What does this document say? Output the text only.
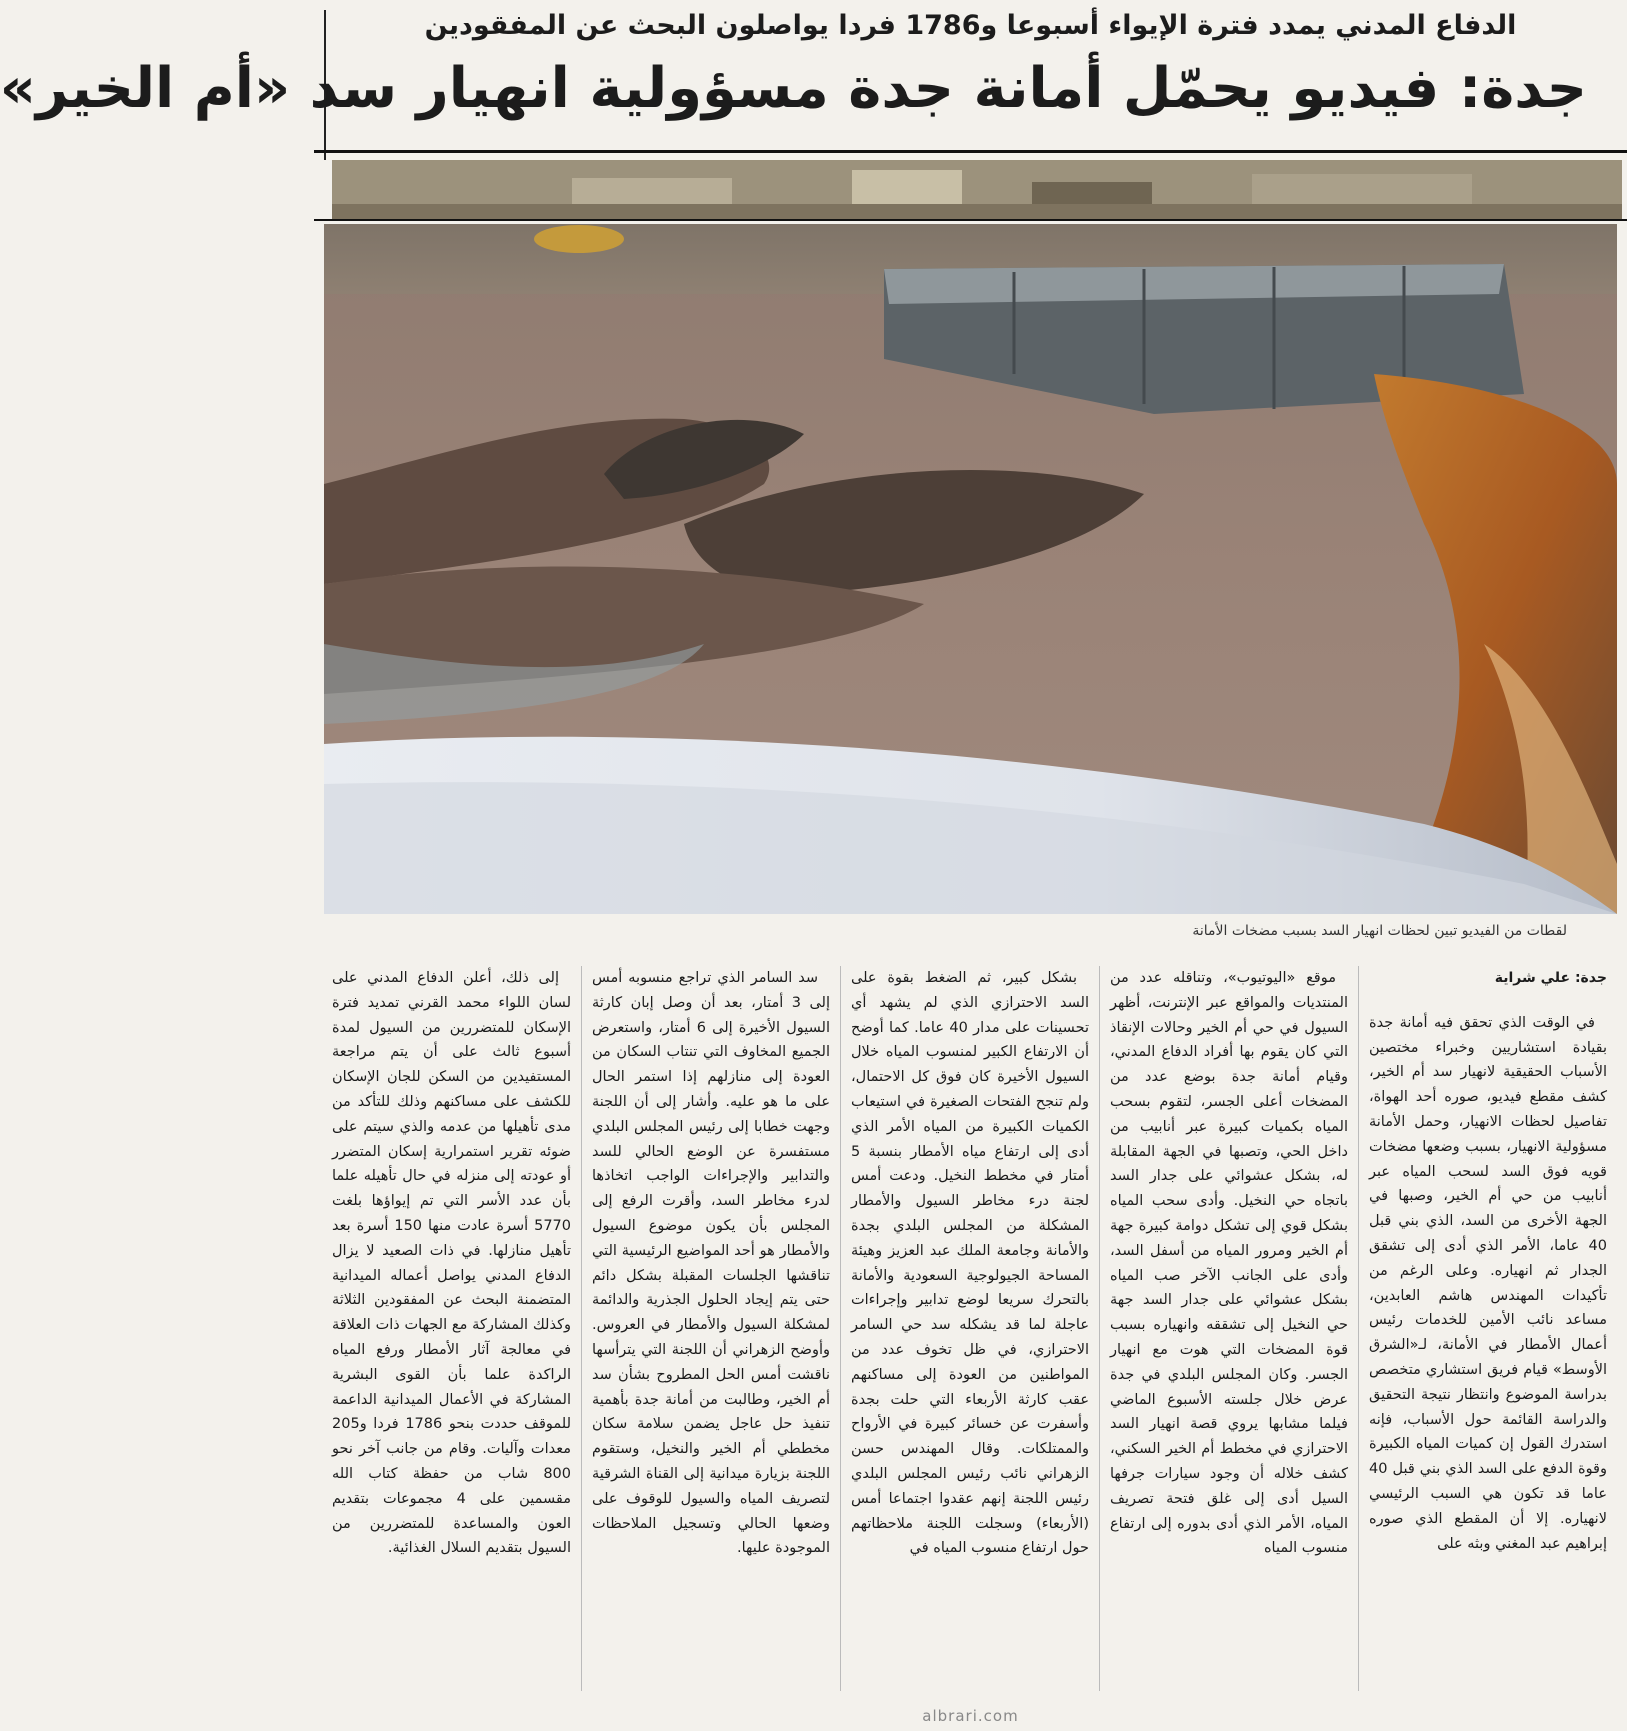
الدفاع المدني يمدد فترة الإيواء أسبوعا و1786 فردا يواصلون البحث عن المفقودين
جدة: فيديو يحمّل أمانة جدة مسؤولية انهيار سد «أم الخير»
لقطات من الفيديو تبين لحظات انهيار السد بسبب مضخات الأمانة
جدة: علي شراية

في الوقت الذي تحقق فيه أمانة جدة بقيادة استشاريين وخبراء مختصين الأسباب الحقيقية لانهيار سد أم الخير، كشف مقطع فيديو، صوره أحد الهواة، تفاصيل لحظات الانهيار، وحمل الأمانة مسؤولية الانهيار، بسبب وضعها مضخات قويه فوق السد لسحب المياه عبر أنابيب من حي أم الخير، وصبها في الجهة الأخرى من السد، الذي بني قبل 40 عاما، الأمر الذي أدى إلى تشقق الجدار ثم انهياره. وعلى الرغم من تأكيدات المهندس هاشم العابدين، مساعد نائب الأمين للخدمات رئيس أعمال الأمطار في الأمانة، لـ«الشرق الأوسط» قيام فريق استشاري متخصص بدراسة الموضوع وانتظار نتيجة التحقيق والدراسة القائمة حول الأسباب، فإنه استدرك القول إن كميات المياه الكبيرة وقوة الدفع على السد الذي بني قبل 40 عاما قد تكون هي السبب الرئيسي لانهياره. إلا أن المقطع الذي صوره إبراهيم عبد المغني وبثه على

موقع «اليوتيوب»، وتناقله عدد من المنتديات والمواقع عبر الإنترنت، أظهر السيول في حي أم الخير وحالات الإنقاذ التي كان يقوم بها أفراد الدفاع المدني، وقيام أمانة جدة بوضع عدد من المضخات أعلى الجسر، لتقوم بسحب المياه بكميات كبيرة عبر أنابيب من داخل الحي، وتصبها في الجهة المقابلة له، بشكل عشوائي على جدار السد باتجاه حي النخيل. وأدى سحب المياه بشكل قوي إلى تشكل دوامة كبيرة جهة أم الخير ومرور المياه من أسفل السد، وأدى على الجانب الآخر صب المياه بشكل عشوائي على جدار السد جهة حي النخيل إلى تشققه وانهياره بسبب قوة المضخات التي هوت مع انهيار الجسر. وكان المجلس البلدي في جدة عرض خلال جلسته الأسبوع الماضي فيلما مشابها يروي قصة انهيار السد الاحترازي في مخطط أم الخير السكني، كشف خلاله أن وجود سيارات جرفها السيل أدى إلى غلق فتحة تصريف المياه، الأمر الذي أدى بدوره إلى ارتفاع منسوب المياه

بشكل كبير، ثم الضغط بقوة على السد الاحترازي الذي لم يشهد أي تحسينات على مدار 40 عاما. كما أوضح أن الارتفاع الكبير لمنسوب المياه خلال السيول الأخيرة كان فوق كل الاحتمال، ولم تنجح الفتحات الصغيرة في استيعاب الكميات الكبيرة من المياه الأمر الذي أدى إلى ارتفاع مياه الأمطار بنسبة 5 أمتار في مخطط النخيل. ودعت أمس لجنة درء مخاطر السيول والأمطار المشكلة من المجلس البلدي بجدة والأمانة وجامعة الملك عبد العزيز وهيئة المساحة الجيولوجية السعودية والأمانة بالتحرك سريعا لوضع تدابير وإجراءات عاجلة لما قد يشكله سد حي السامر الاحترازي، في ظل تخوف عدد من المواطنين من العودة إلى مساكنهم عقب كارثة الأربعاء التي حلت بجدة وأسفرت عن خسائر كبيرة في الأرواح والممتلكات. وقال المهندس حسن الزهراني نائب رئيس المجلس البلدي رئيس اللجنة إنهم عقدوا اجتماعا أمس (الأربعاء) وسجلت اللجنة ملاحظاتهم حول ارتفاع منسوب المياه في

سد السامر الذي تراجع منسوبه أمس إلى 3 أمتار، بعد أن وصل إبان كارثة السيول الأخيرة إلى 6 أمتار، واستعرض الجميع المخاوف التي تنتاب السكان من العودة إلى منازلهم إذا استمر الحال على ما هو عليه. وأشار إلى أن اللجنة وجهت خطابا إلى رئيس المجلس البلدي مستفسرة عن الوضع الحالي للسد والتدابير والإجراءات الواجب اتخاذها لدرء مخاطر السد، وأقرت الرفع إلى المجلس بأن يكون موضوع السيول والأمطار هو أحد المواضيع الرئيسية التي تناقشها الجلسات المقبلة بشكل دائم حتى يتم إيجاد الحلول الجذرية والدائمة لمشكلة السيول والأمطار في العروس. وأوضح الزهراني أن اللجنة التي يترأسها ناقشت أمس الحل المطروح بشأن سد أم الخير، وطالبت من أمانة جدة بأهمية تنفيذ حل عاجل يضمن سلامة سكان مخططي أم الخير والنخيل، وستقوم اللجنة بزيارة ميدانية إلى القناة الشرقية لتصريف المياه والسيول للوقوف على وضعها الحالي وتسجيل الملاحظات الموجودة عليها.

إلى ذلك، أعلن الدفاع المدني على لسان اللواء محمد القرني تمديد فترة الإسكان للمتضررين من السيول لمدة أسبوع ثالث على أن يتم مراجعة المستفيدين من السكن للجان الإسكان للكشف على مساكنهم وذلك للتأكد من مدى تأهيلها من عدمه والذي سيتم على ضوئه تقرير استمرارية إسكان المتضرر أو عودته إلى منزله في حال تأهيله علما بأن عدد الأسر التي تم إيواؤها بلغت 5770 أسرة عادت منها 150 أسرة بعد تأهيل منازلها. في ذات الصعيد لا يزال الدفاع المدني يواصل أعماله الميدانية المتضمنة البحث عن المفقودين الثلاثة وكذلك المشاركة مع الجهات ذات العلاقة في معالجة آثار الأمطار ورفع المياه الراكدة علما بأن القوى البشرية المشاركة في الأعمال الميدانية الداعمة للموقف حددت بنحو 1786 فردا و205 معدات وآليات. وقام من جانب آخر نحو 800 شاب من حفظة كتاب الله مقسمين على 4 مجموعات بتقديم العون والمساعدة للمتضررين من السيول بتقديم السلال الغذائية.

albrari.com
